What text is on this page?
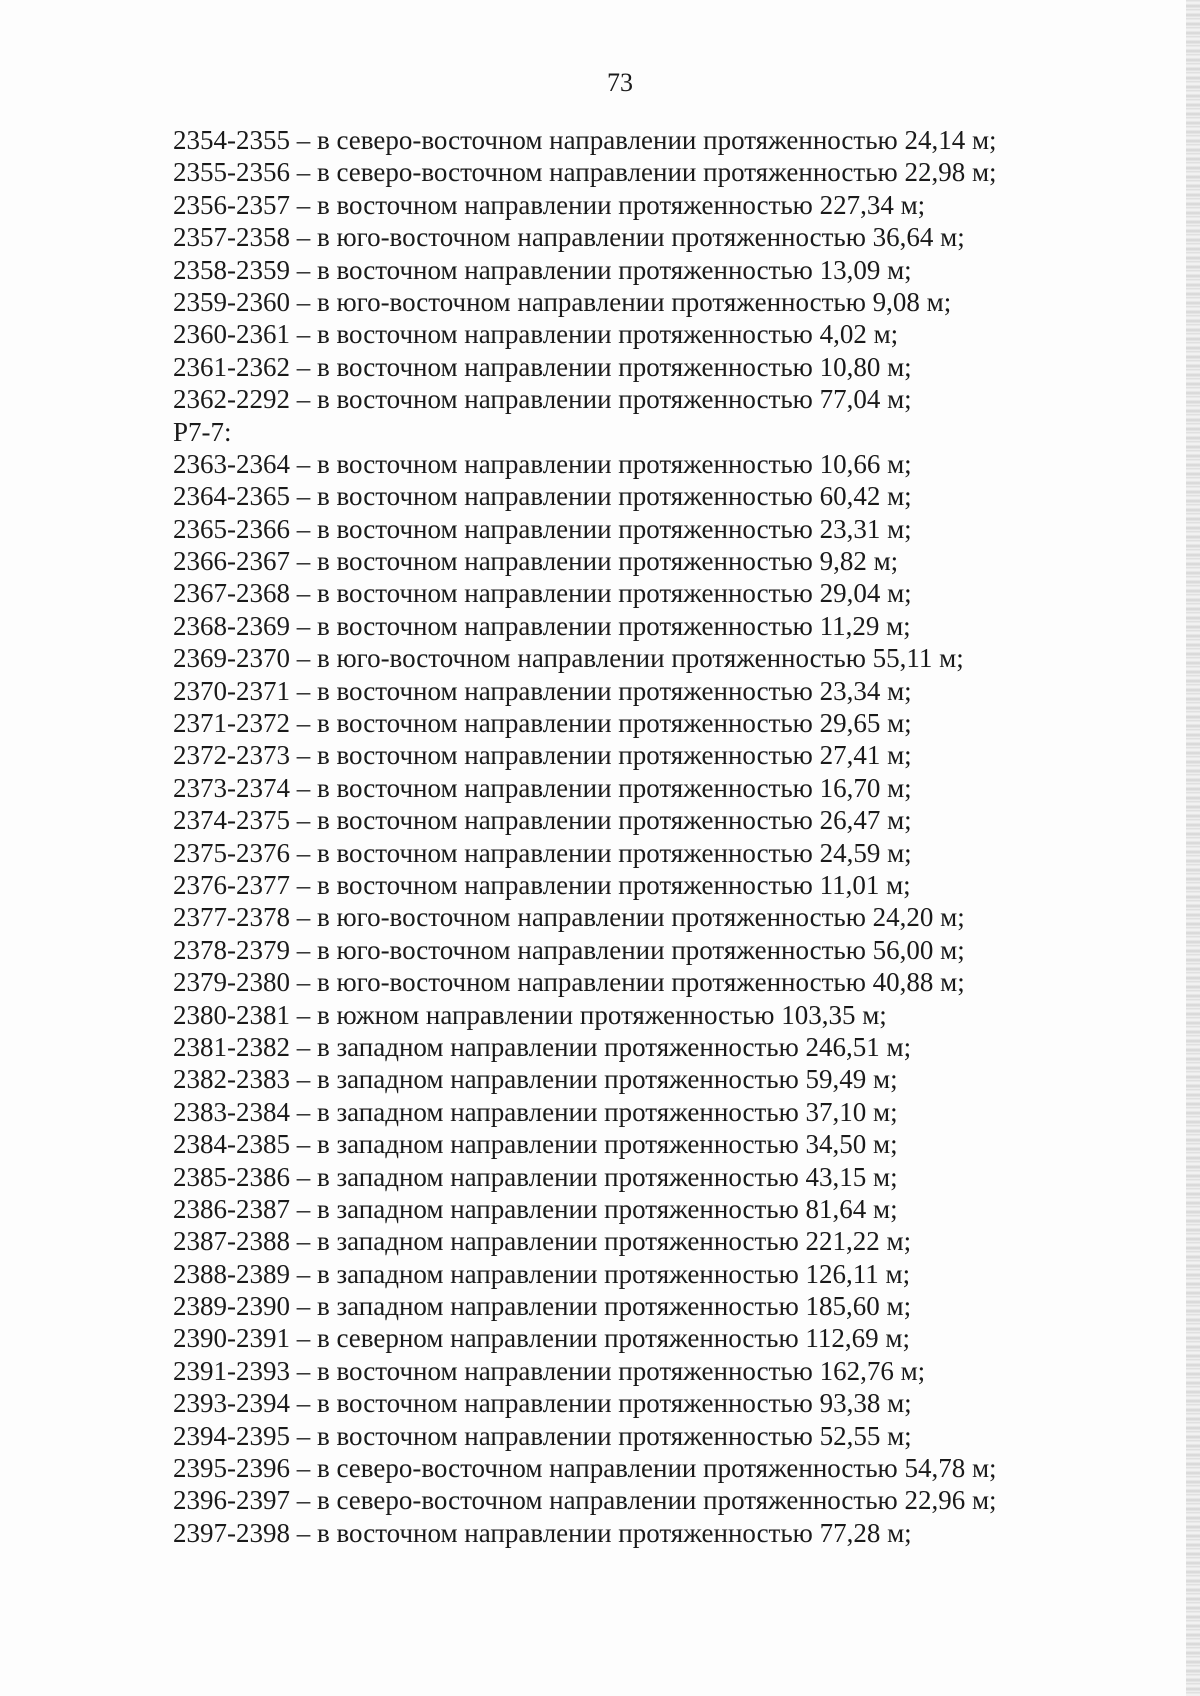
73
2354-2355 – в северо-восточном направлении протяженностью 24,14 м;
2355-2356 – в северо-восточном направлении протяженностью 22,98 м;
2356-2357 – в восточном направлении протяженностью 227,34 м;
2357-2358 – в юго-восточном направлении протяженностью 36,64 м;
2358-2359 – в восточном направлении протяженностью 13,09 м;
2359-2360 – в юго-восточном направлении протяженностью 9,08 м;
2360-2361 – в восточном направлении протяженностью 4,02 м;
2361-2362 – в восточном направлении протяженностью 10,80 м;
2362-2292 – в восточном направлении протяженностью 77,04 м;
Р7-7:
2363-2364 – в восточном направлении протяженностью 10,66 м;
2364-2365 – в восточном направлении протяженностью 60,42 м;
2365-2366 – в восточном направлении протяженностью 23,31 м;
2366-2367 – в восточном направлении протяженностью 9,82 м;
2367-2368 – в восточном направлении протяженностью 29,04 м;
2368-2369 – в восточном направлении протяженностью 11,29 м;
2369-2370 – в юго-восточном направлении протяженностью 55,11 м;
2370-2371 – в восточном направлении протяженностью 23,34 м;
2371-2372 – в восточном направлении протяженностью 29,65 м;
2372-2373 – в восточном направлении протяженностью 27,41 м;
2373-2374 – в восточном направлении протяженностью 16,70 м;
2374-2375 – в восточном направлении протяженностью 26,47 м;
2375-2376 – в восточном направлении протяженностью 24,59 м;
2376-2377 – в восточном направлении протяженностью 11,01 м;
2377-2378 – в юго-восточном направлении протяженностью 24,20 м;
2378-2379 – в юго-восточном направлении протяженностью 56,00 м;
2379-2380 – в юго-восточном направлении протяженностью 40,88 м;
2380-2381 – в южном направлении протяженностью 103,35 м;
2381-2382 – в западном направлении протяженностью 246,51 м;
2382-2383 – в западном направлении протяженностью 59,49 м;
2383-2384 – в западном направлении протяженностью 37,10 м;
2384-2385 – в западном направлении протяженностью 34,50 м;
2385-2386 – в западном направлении протяженностью 43,15 м;
2386-2387 – в западном направлении протяженностью 81,64 м;
2387-2388 – в западном направлении протяженностью 221,22 м;
2388-2389 – в западном направлении протяженностью 126,11 м;
2389-2390 – в западном направлении протяженностью 185,60 м;
2390-2391 – в северном направлении протяженностью 112,69 м;
2391-2393 – в восточном направлении протяженностью 162,76 м;
2393-2394 – в восточном направлении протяженностью 93,38 м;
2394-2395 – в восточном направлении протяженностью 52,55 м;
2395-2396 – в северо-восточном направлении протяженностью 54,78 м;
2396-2397 – в северо-восточном направлении протяженностью 22,96 м;
2397-2398 – в восточном направлении протяженностью 77,28 м;
